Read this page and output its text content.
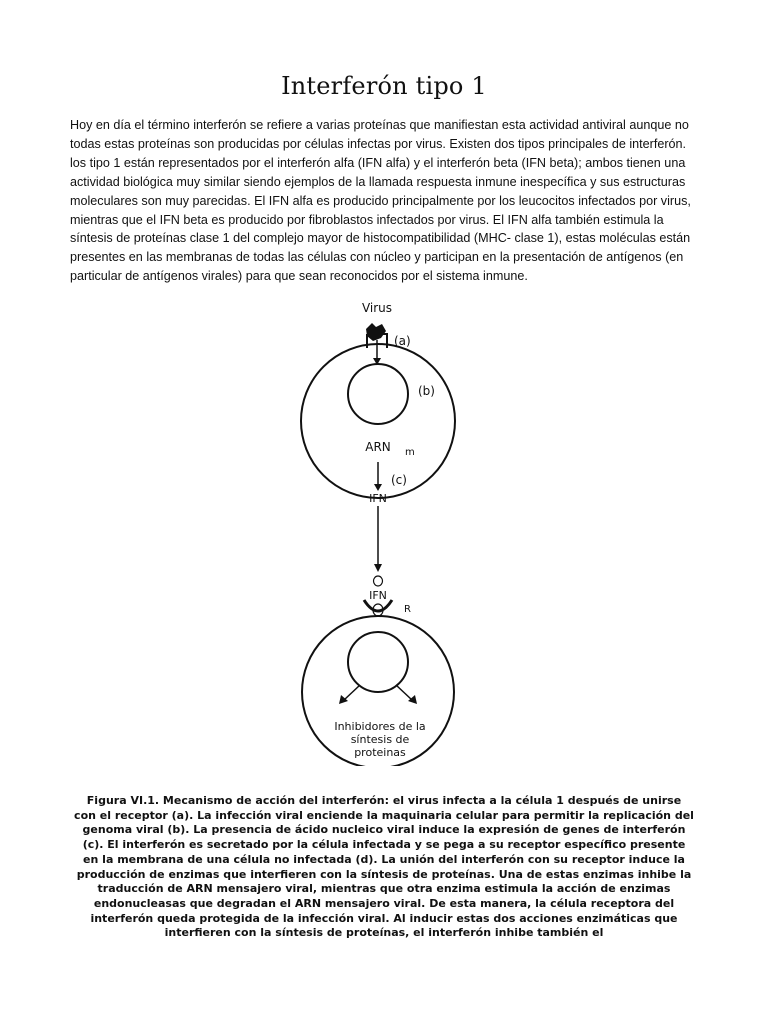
Interferón tipo 1

Hoy en día el término interferón se refiere a varias proteínas que manifiestan esta actividad antiviral aunque no todas estas proteínas son producidas por células infectas por virus. Existen dos tipos principales de interferón. los tipo 1 están representados por el interferón alfa (IFN alfa) y el interferón beta (IFN beta); ambos tienen una actividad biológica muy similar siendo ejemplos de la llamada respuesta inmune inespecífica y sus estructuras moleculares son muy parecidas. El IFN alfa es producido principalmente por los leucocitos infectados por virus, mientras que el IFN beta es producido por fibroblastos infectados por virus. El IFN alfa también estimula la síntesis de proteínas clase 1 del complejo mayor de histocompatibilidad (MHC- clase 1), estas moléculas están presentes en las membranas de todas las células con núcleo y participan en la presentación de antígenos (en particular de antígenos virales) para que sean reconocidos por el sistema inmune.

Virus
(a)
(b)
ARN m
(c)
IFN
IFN
R
Inhibidores de la
síntesis de
proteinas

Figura VI.1. Mecanismo de acción del interferón: el virus infecta a la célula 1 después de unirse con el receptor (a). La infección viral enciende la maquinaria celular para permitir la replicación del genoma viral (b). La presencia de ácido nucleico viral induce la expresión de genes de interferón (c). El interferón es secretado por la célula infectada y se pega a su receptor específico presente en la membrana de una célula no infectada (d). La unión del interferón con su receptor induce la producción de enzimas que interfieren con la síntesis de proteínas. Una de estas enzimas inhibe la traducción de ARN mensajero viral, mientras que otra enzima estimula la acción de enzimas endonucleasas que degradan el ARN mensajero viral. De esta manera, la célula receptora del interferón queda protegida de la infección viral. Al inducir estas dos acciones enzimáticas que interfieren con la síntesis de proteínas, el interferón inhibe también el
